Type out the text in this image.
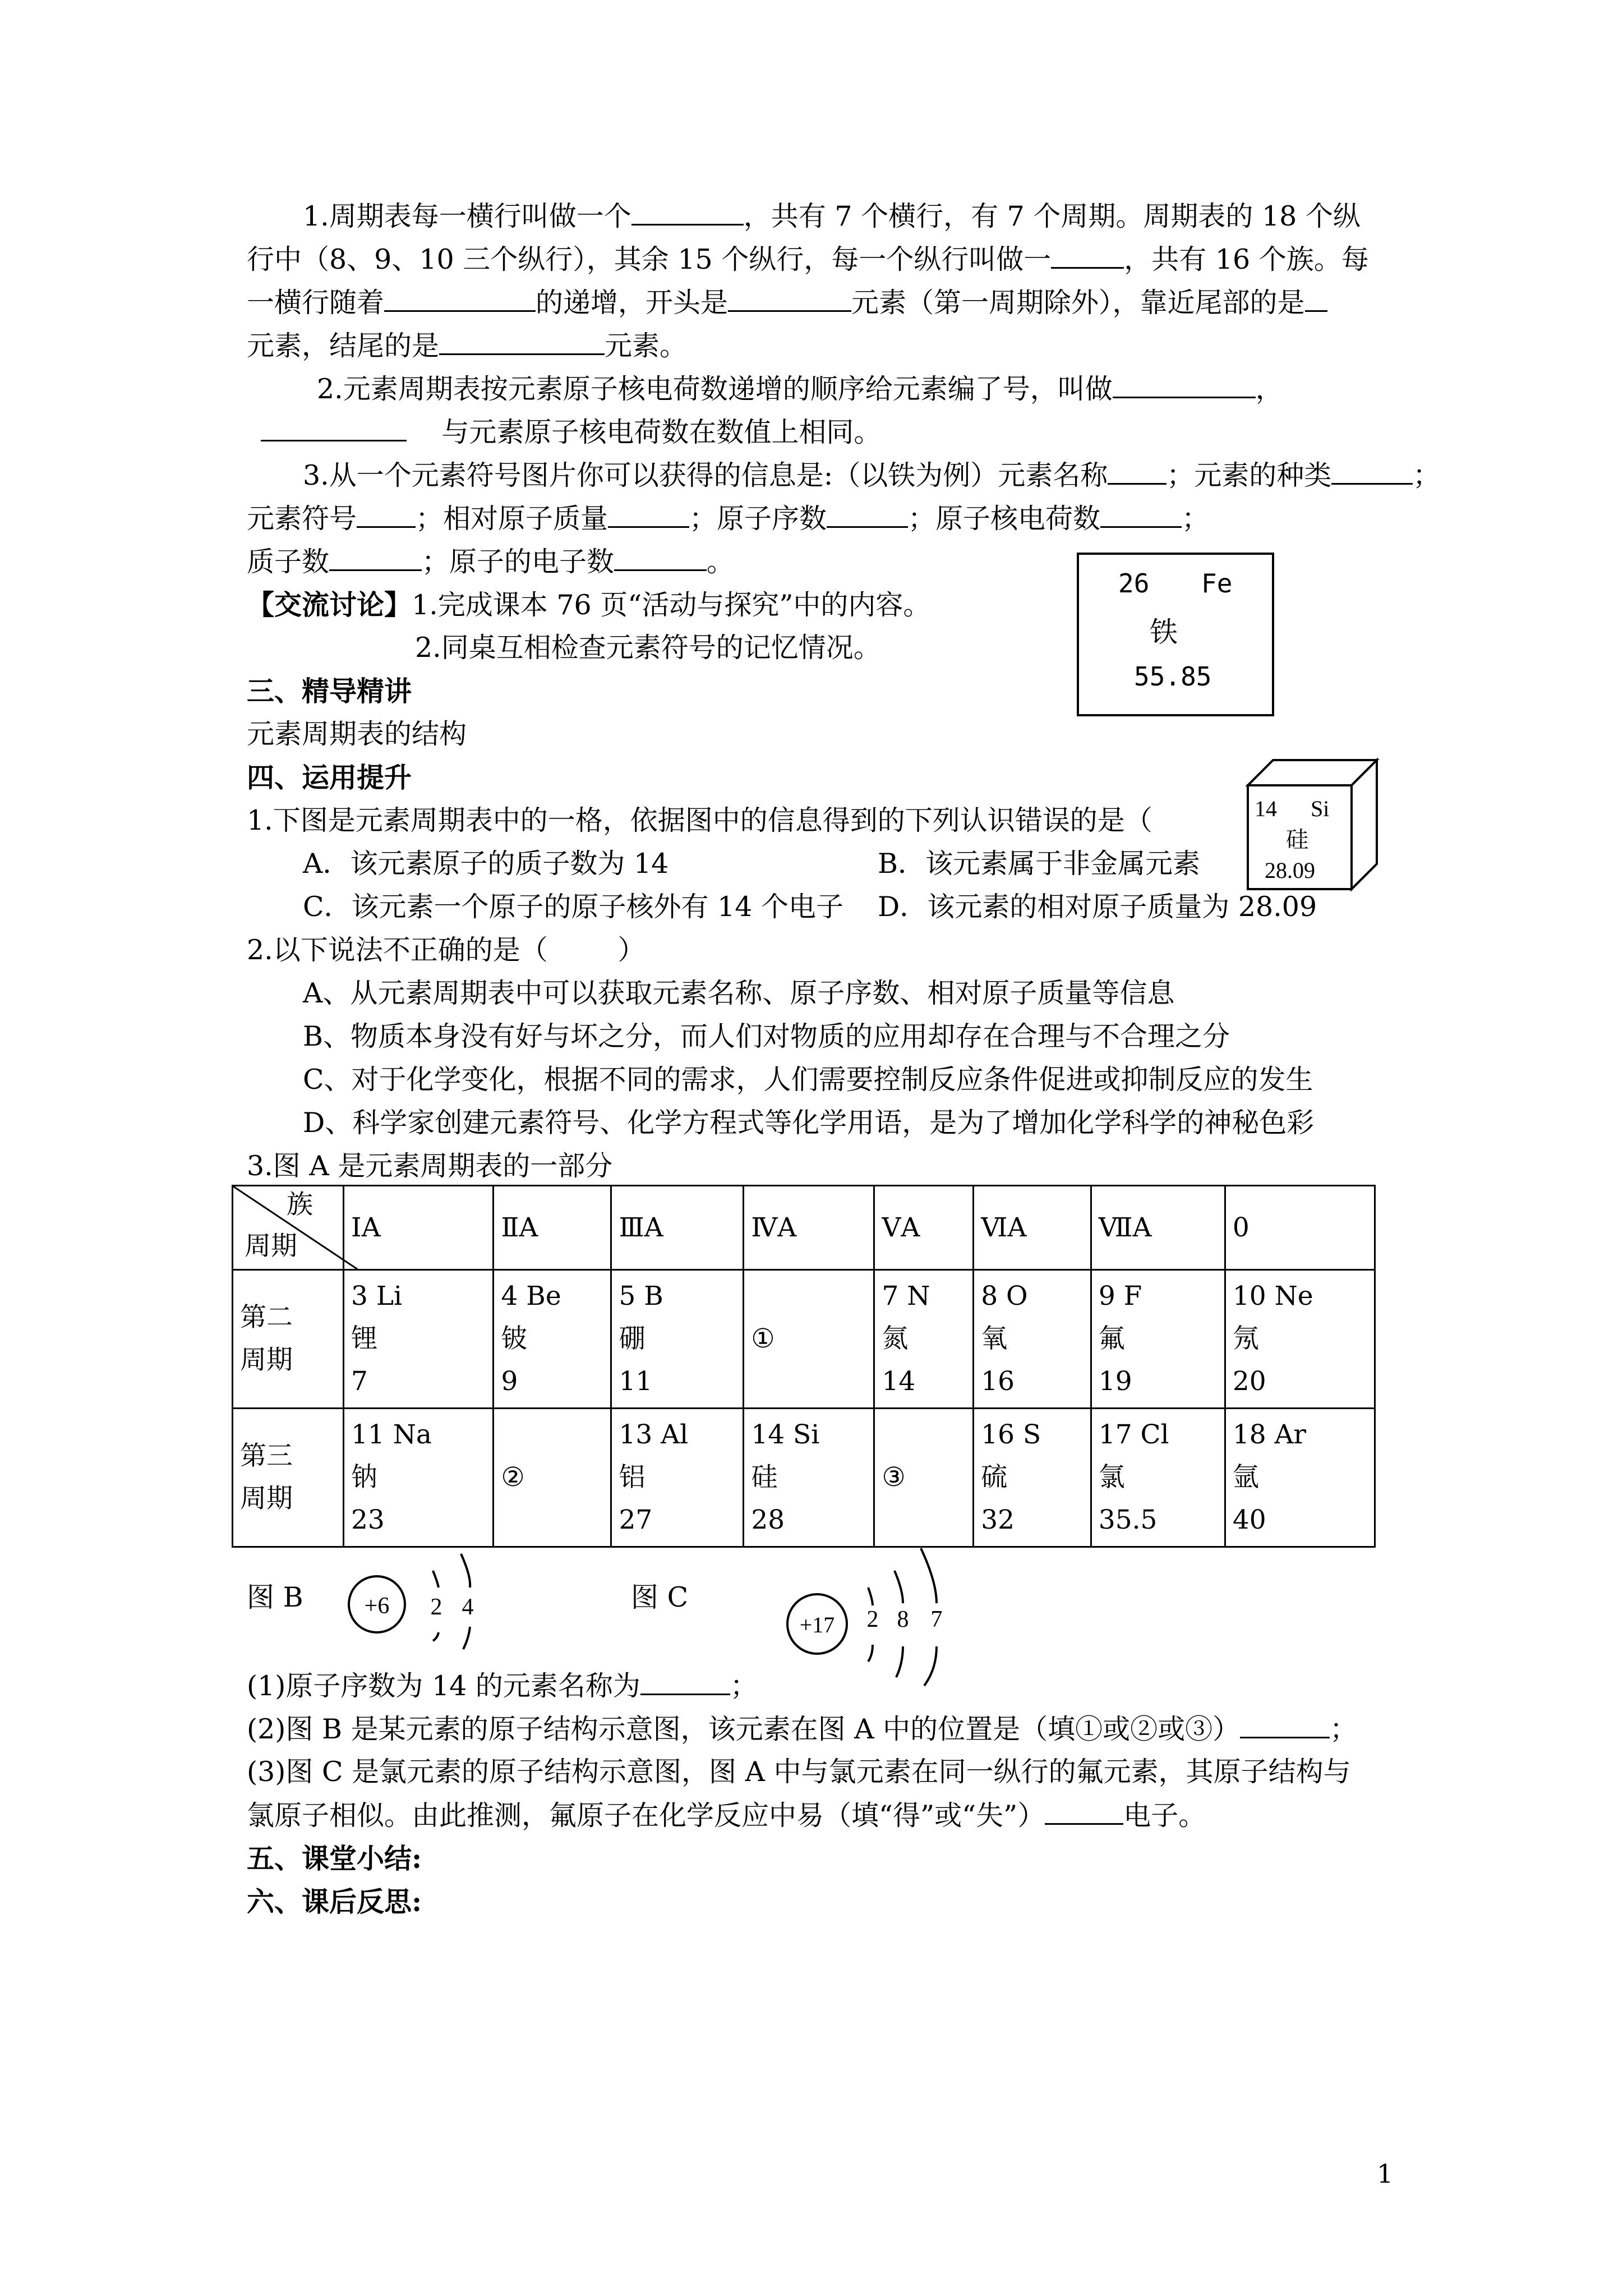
1.周期表每一横行叫做一个	，共有 7 个横行，有 7 个周期。周期表的 18 个纵
行中（8、9、10 三个纵行），其余 15 个纵行，每一个纵行叫做一	，共有 16 个族。每
一横行随着	的递增，开头是	元素（第一周期除外），靠近尾部的是
元素，结尾的是	元素。
2.元素周期表按元素原子核电荷数递增的顺序给元素编了号，叫做	，
与元素原子核电荷数在数值上相同。
3.从一个元素符号图片你可以获得的信息是:（以铁为例）元素名称 ；元素的种类	；
元素符号 ；相对原子质量	；原子序数	；原子核电荷数	；
质子数	；原子的电子数	。
【交流讨论】1.完成课本 76 页“活动与探究”中的内容。
2.同桌互相检查元素符号的记忆情况。
26 Fe
铁
55.85
三、精导精讲
元素周期表的结构
四、运用提升
14 Si
硅
28.09
1.下图是元素周期表中的一格，依据图中的信息得到的下列认识错误的是（
A．该元素原子的质子数为 14	B．该元素属于非金属元素
C．该元素一个原子的原子核外有 14 个电子 D．该元素的相对原子质量为 28.09
2.以下说法不正确的是（        ）
A、从元素周期表中可以获取元素名称、原子序数、相对原子质量等信息
B、物质本身没有好与坏之分，而人们对物质的应用却存在合理与不合理之分
C、对于化学变化，根据不同的需求，人们需要控制反应条件促进或抑制反应的发生
D、科学家创建元素符号、化学方程式等化学用语，是为了增加化学科学的神秘色彩
3.图 A 是元素周期表的一部分
族
周期	ⅠA	ⅡA	ⅢA	ⅣA	ⅤA	ⅥA	ⅦA	0

第二
周期	3 Li
锂
7	4 Be
铍
9	5 B
硼
11	①	7 N
氮
14	8 O
氧
16	9 F
氟
19	10 Ne
氖
20

第三
周期	11 Na
钠
23	②	13 Al
铝
27	14 Si
硅
28	③	16 S
硫
32	17 Cl
氯
35.5	18 Ar
氩
40
图 B	+6 2 4	图 C
+17 2 8 7
(1)原子序数为 14 的元素名称为	；
(2)图 B 是某元素的原子结构示意图，该元素在图 A 中的位置是（填①或②或③）	；
(3)图 C 是氯元素的原子结构示意图，图 A 中与氯元素在同一纵行的氟元素，其原子结构与
氯原子相似。由此推测，氟原子在化学反应中易（填“得”或“失”）	电子。
五、课堂小结:
六、课后反思:
1
